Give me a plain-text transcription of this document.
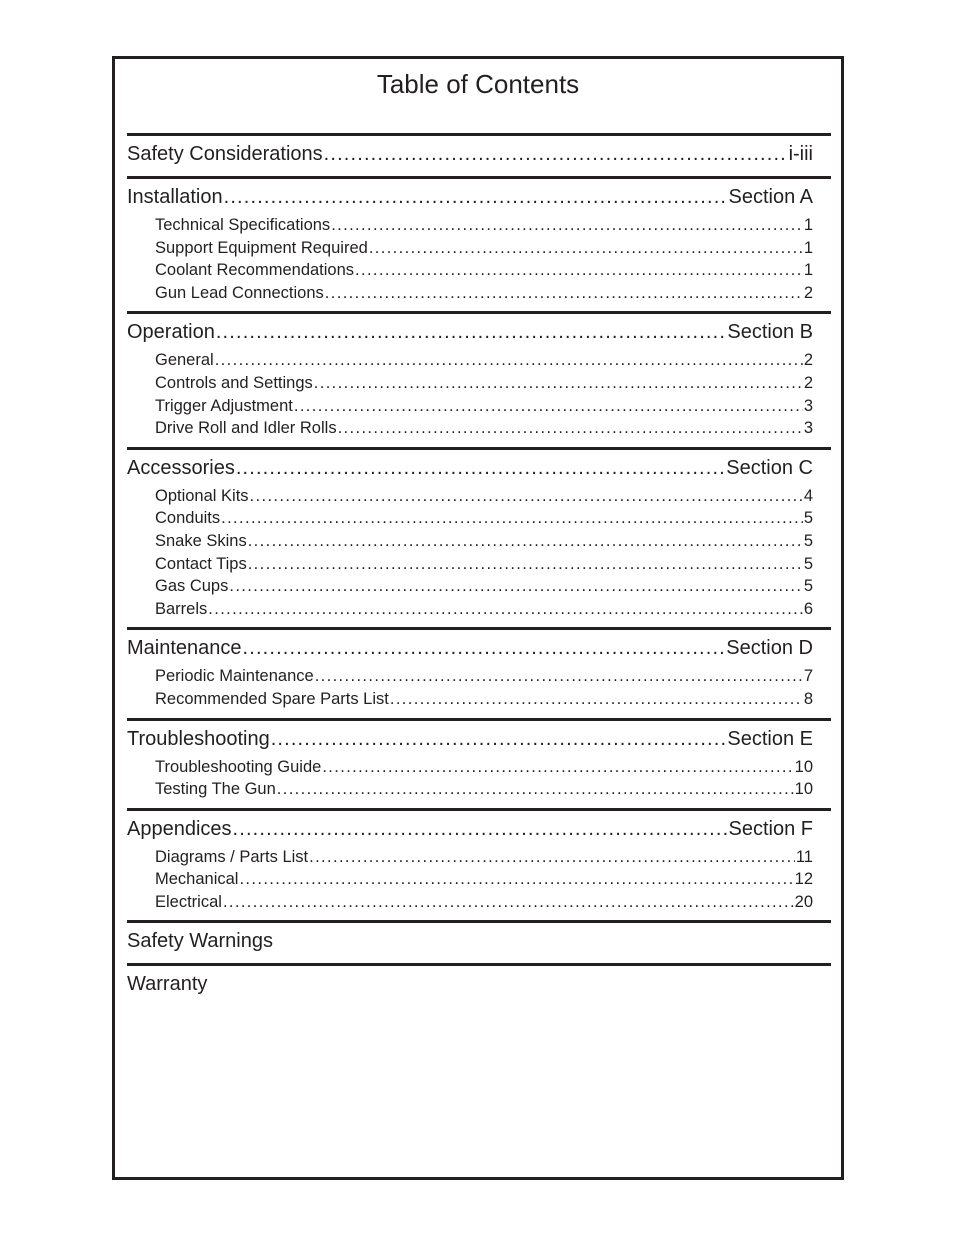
Table of Contents
Safety Considerations . . .	i-iii
Installation . . .	Section A
Technical Specifications . . .	1
Support Equipment Required . . .	1
Coolant Recommendations . . .	1
Gun Lead Connections . . .	2
Operation . . .	Section B
General . . .	2
Controls and Settings . . .	2
Trigger Adjustment . . .	3
Drive Roll and Idler Rolls . . .	3
Accessories . . .	Section C
Optional Kits . . .	4
Conduits . . .	5
Snake Skins . . .	5
Contact Tips . . .	5
Gas Cups . . .	5
Barrels . . .	6
Maintenance . . .	Section D
Periodic Maintenance . . .	7
Recommended Spare Parts List . . .	8
Troubleshooting . . .	Section E
Troubleshooting Guide . . .	10
Testing The Gun . . .	10
Appendices . . .	Section F
Diagrams / Parts List . . .	11
Mechanical . . .	12
Electrical . . .	20
Safety Warnings
Warranty
